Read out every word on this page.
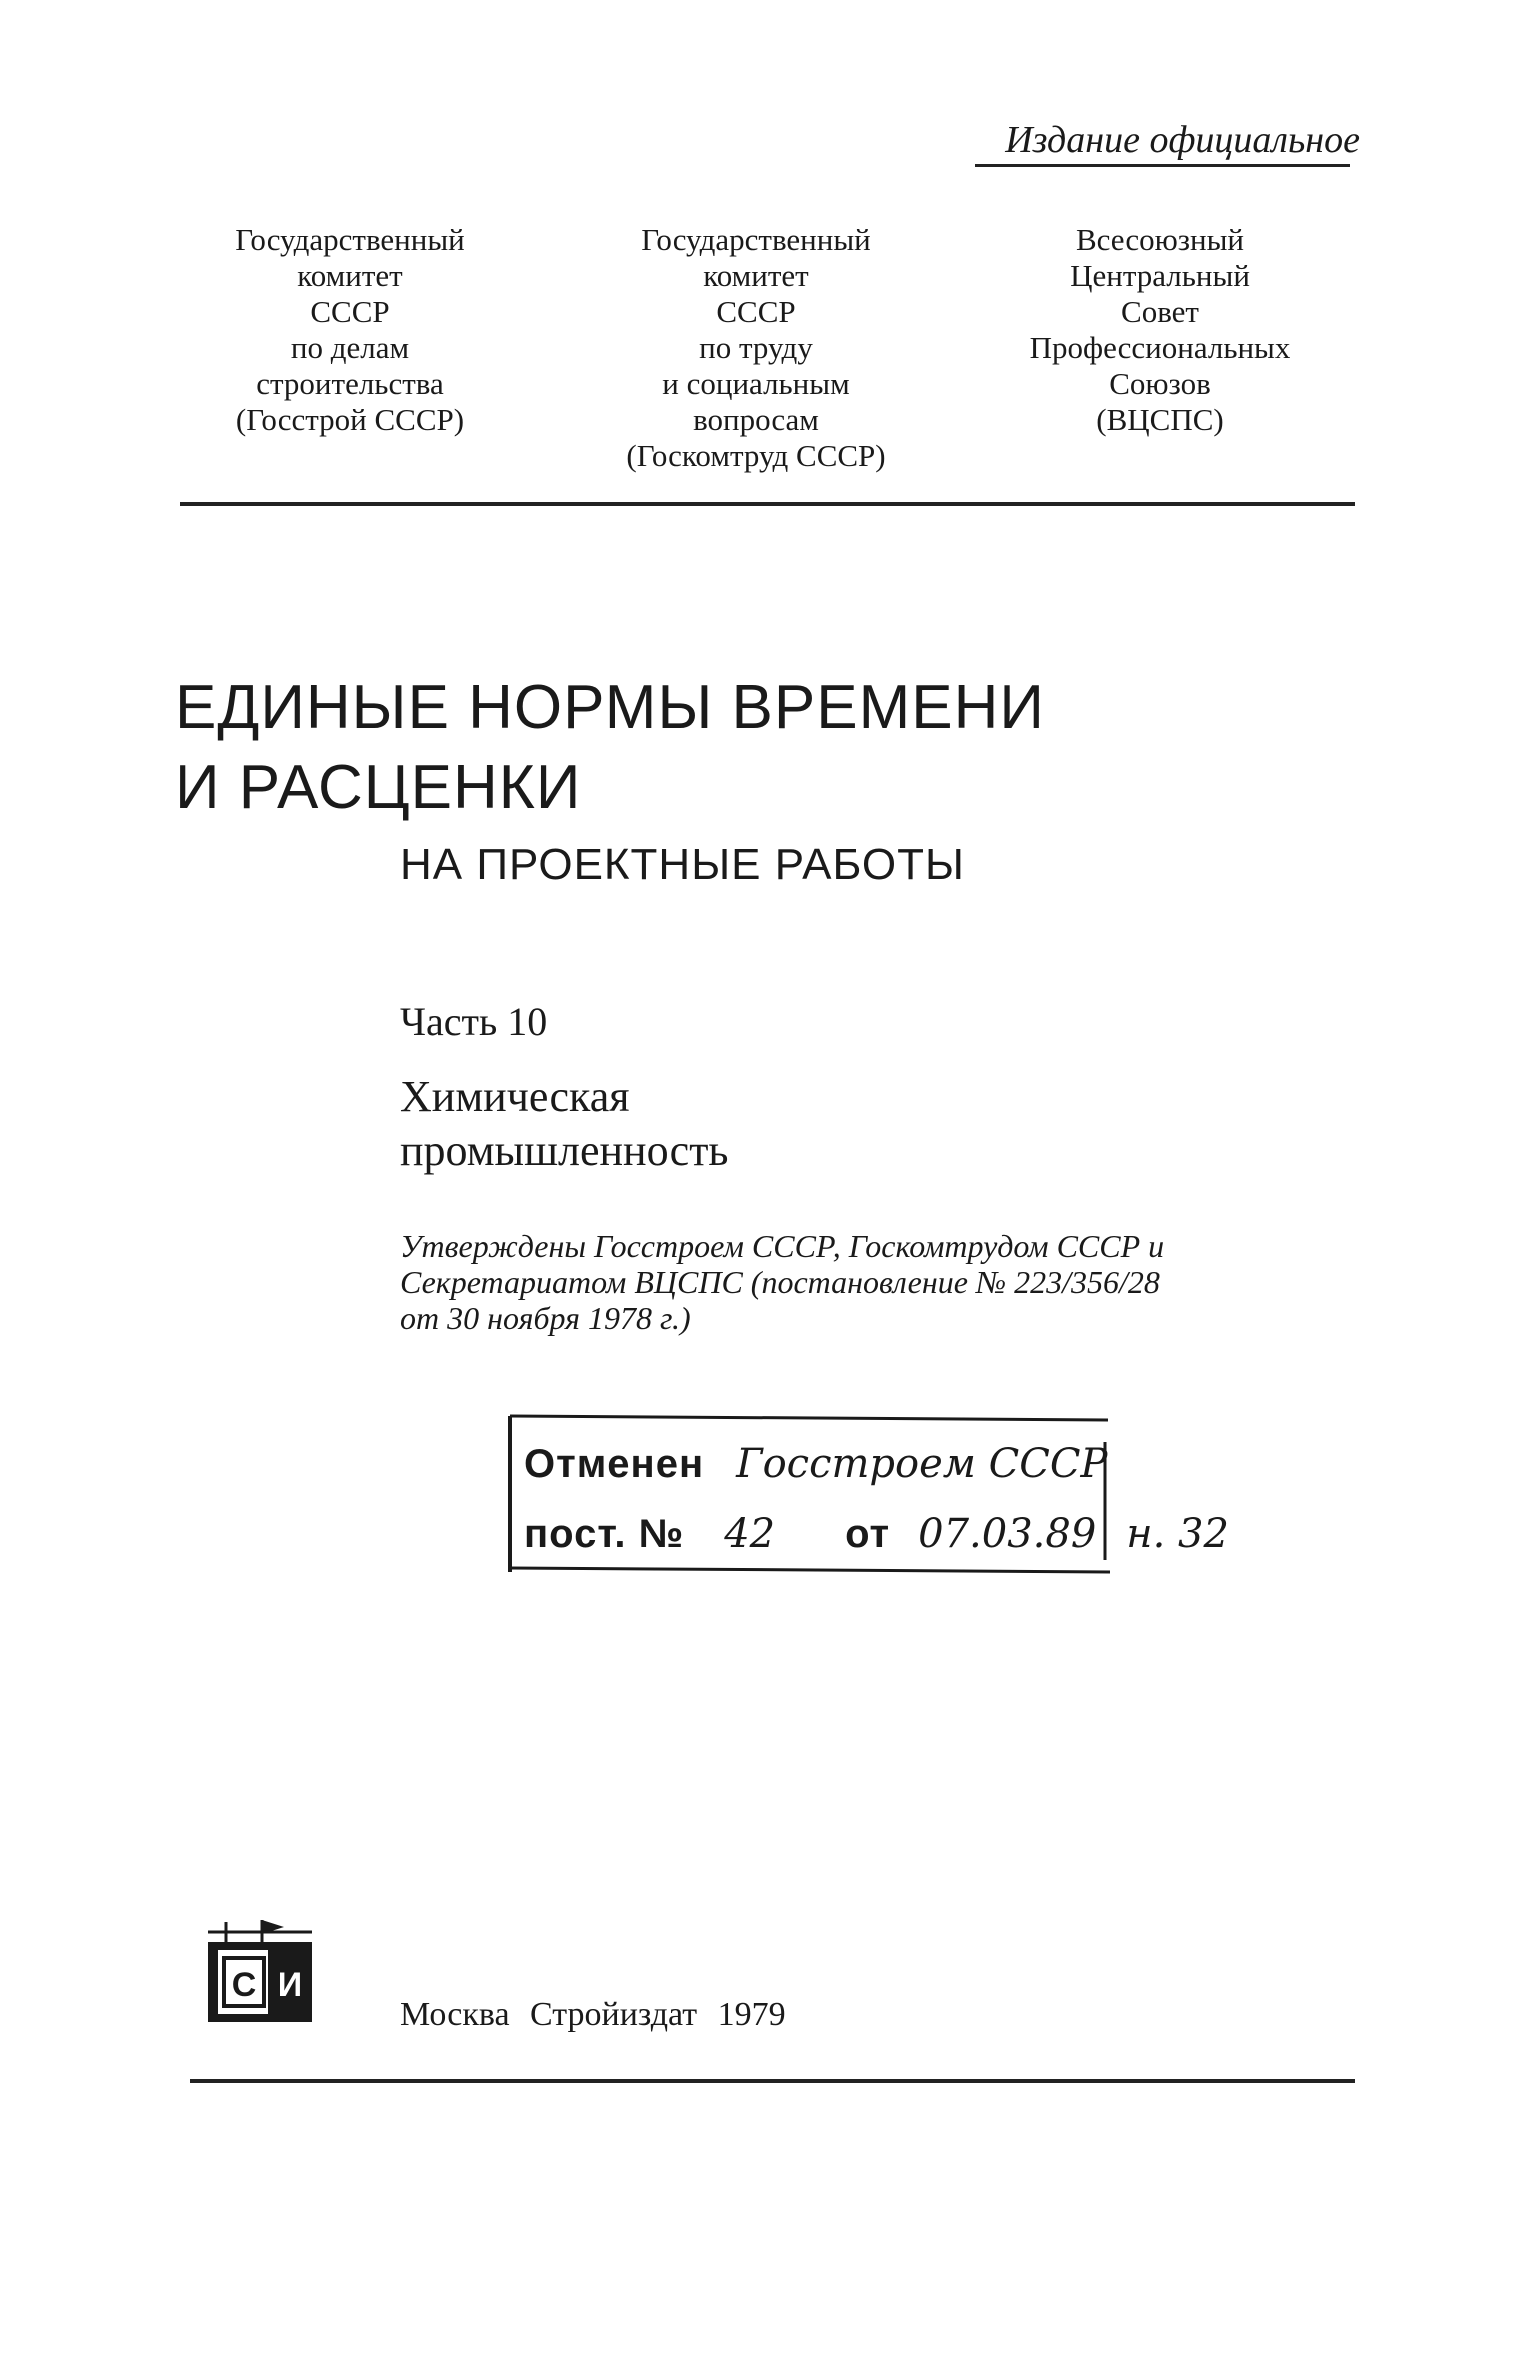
Издание официальное
Государственный
комитет
СССР
по делам
строительства
(Госстрой СССР)
Государственный
комитет
СССР
по труду
и социальным
вопросам
(Госкомтруд СССР)
Всесоюзный
Центральный
Совет
Профессиональных
Союзов
(ВЦСПС)
ЕДИНЫЕ НОРМЫ ВРЕМЕНИ
И РАСЦЕНКИ
НА ПРОЕКТНЫЕ РАБОТЫ
Часть 10
Химическая
промышленность
Утверждены Госстроем СССР, Госкомтрудом СССР и
Секретариатом ВЦСПС (постановление № 223/356/28
от 30 ноября 1978 г.)
Отменен Госстроем СССР
пост. № 42 от 07.03.89 н. 32
С И
Москва Стройиздат 1979
